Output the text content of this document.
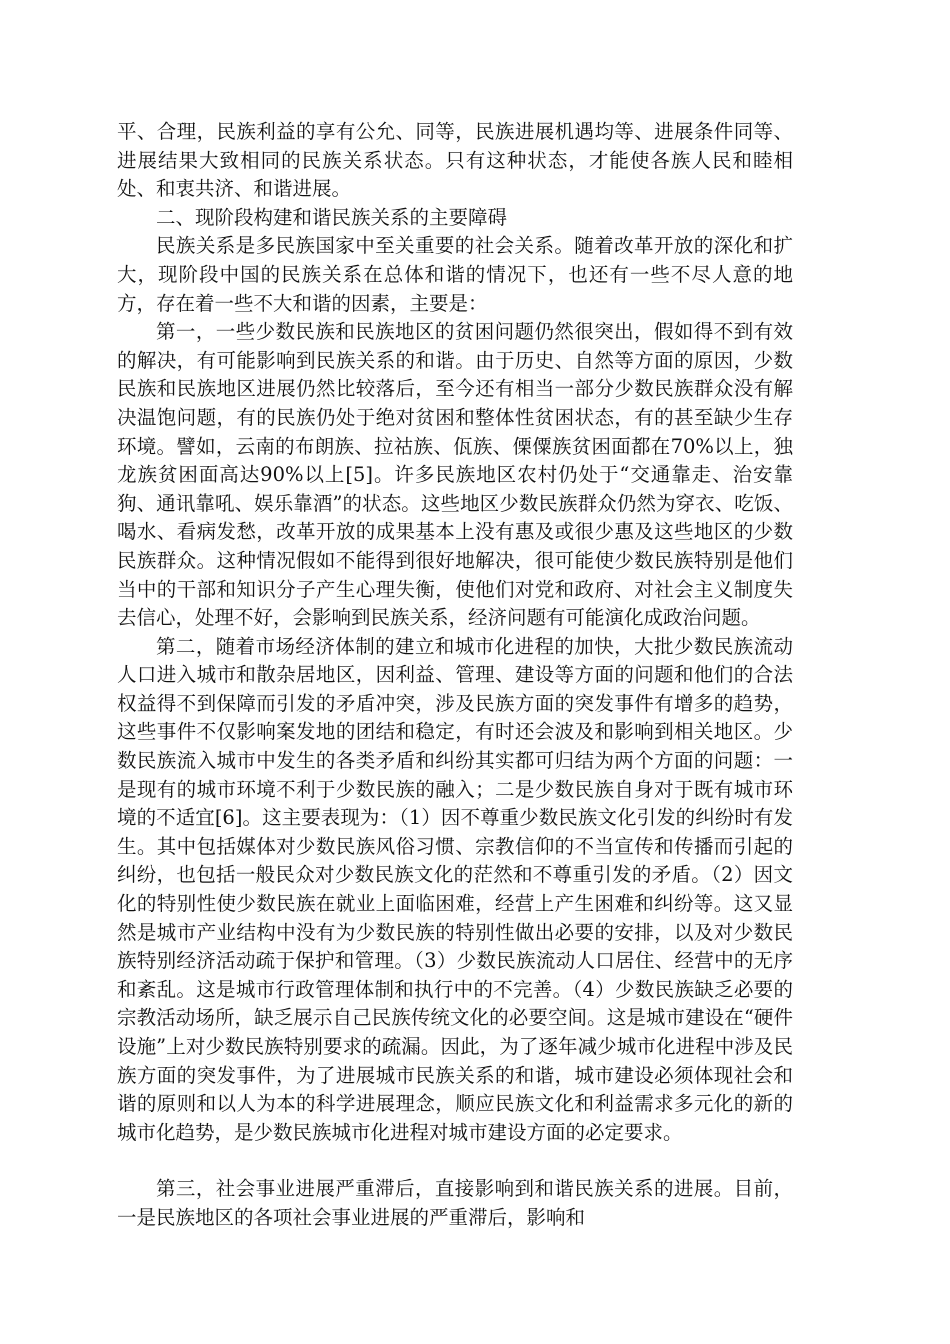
平、合理，民族利益的享有公允、同等，民族进展机遇均等、进展条件同等、进展结果大致相同的民族关系状态。只有这种状态，才能使各族人民和睦相处、和衷共济、和谐进展。

二、现阶段构建和谐民族关系的主要障碍

民族关系是多民族国家中至关重要的社会关系。随着改革开放的深化和扩大，现阶段中国的民族关系在总体和谐的情况下，也还有一些不尽人意的地方，存在着一些不大和谐的因素，主要是：

第一，一些少数民族和民族地区的贫困问题仍然很突出，假如得不到有效的解决，有可能影响到民族关系的和谐。由于历史、自然等方面的原因，少数民族和民族地区进展仍然比较落后，至今还有相当一部分少数民族群众没有解决温饱问题，有的民族仍处于绝对贫困和整体性贫困状态，有的甚至缺少生存环境。譬如，云南的布朗族、拉祜族、佤族、傈僳族贫困面都在70%以上，独龙族贫困面高达90%以上[5]。许多民族地区农村仍处于“交通靠走、治安靠狗、通讯靠吼、娱乐靠酒”的状态。这些地区少数民族群众仍然为穿衣、吃饭、喝水、看病发愁，改革开放的成果基本上没有惠及或很少惠及这些地区的少数民族群众。这种情况假如不能得到很好地解决，很可能使少数民族特别是他们当中的干部和知识分子产生心理失衡，使他们对党和政府、对社会主义制度失去信心，处理不好，会影响到民族关系，经济问题有可能演化成政治问题。

第二，随着市场经济体制的建立和城市化进程的加快，大批少数民族流动人口进入城市和散杂居地区，因利益、管理、建设等方面的问题和他们的合法权益得不到保障而引发的矛盾冲突，涉及民族方面的突发事件有增多的趋势，这些事件不仅影响案发地的团结和稳定，有时还会波及和影响到相关地区。少数民族流入城市中发生的各类矛盾和纠纷其实都可归结为两个方面的问题：一是现有的城市环境不利于少数民族的融入；二是少数民族自身对于既有城市环境的不适宜[6]。这主要表现为：（1）因不尊重少数民族文化引发的纠纷时有发生。其中包括媒体对少数民族风俗习惯、宗教信仰的不当宣传和传播而引起的纠纷，也包括一般民众对少数民族文化的茫然和不尊重引发的矛盾。（2）因文化的特别性使少数民族在就业上面临困难，经营上产生困难和纠纷等。这又显然是城市产业结构中没有为少数民族的特别性做出必要的安排，以及对少数民族特别经济活动疏于保护和管理。（3）少数民族流动人口居住、经营中的无序和紊乱。这是城市行政管理体制和执行中的不完善。（4）少数民族缺乏必要的宗教活动场所，缺乏展示自己民族传统文化的必要空间。这是城市建设在“硬件设施”上对少数民族特别要求的疏漏。因此，为了逐年减少城市化进程中涉及民族方面的突发事件，为了进展城市民族关系的和谐，城市建设必须体现社会和谐的原则和以人为本的科学进展理念，顺应民族文化和利益需求多元化的新的城市化趋势，是少数民族城市化进程对城市建设方面的必定要求。

第三，社会事业进展严重滞后，直接影响到和谐民族关系的进展。目前，一是民族地区的各项社会事业进展的严重滞后，影响和
